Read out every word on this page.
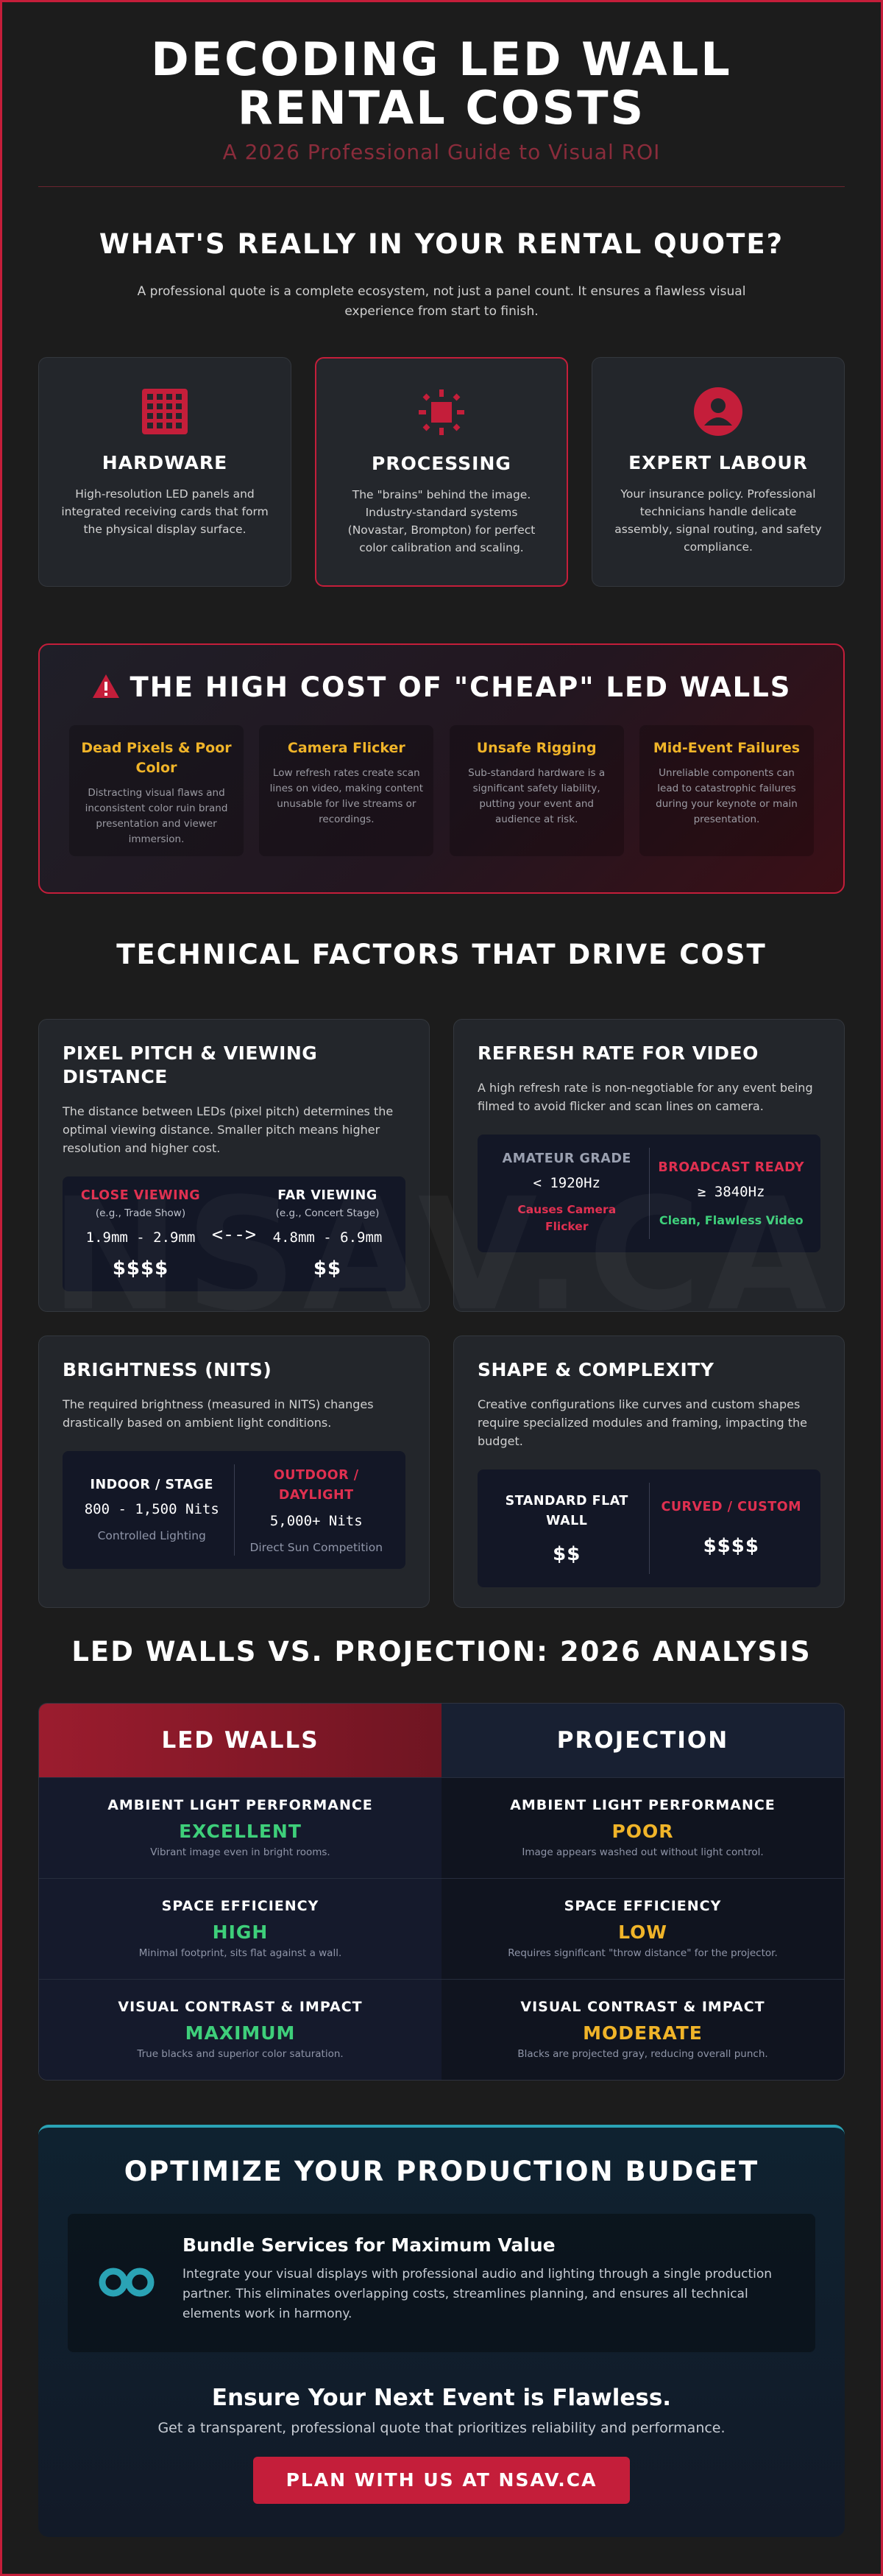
DECODING LED WALL RENTAL COSTS
A 2026 Professional Guide to Visual ROI
WHAT'S REALLY IN YOUR RENTAL QUOTE?

A professional quote is a complete ecosystem, not just a panel count. It ensures a flawless visual experience from start to finish.

HARDWARE
High-resolution LED panels and integrated receiving cards that form the physical display surface.
PROCESSING
The "brains" behind the image. Industry-standard systems (Novastar, Brompton) for perfect color calibration and scaling.
EXPERT LABOUR
Your insurance policy. Professional technicians handle delicate assembly, signal routing, and safety compliance.
THE HIGH COST OF "CHEAP" LED WALLS
Dead Pixels & Poor Color
Distracting visual flaws and inconsistent color ruin brand presentation and viewer immersion.
Camera Flicker
Low refresh rates create scan lines on video, making content unusable for live streams or recordings.
Unsafe Rigging
Sub-standard hardware is a significant safety liability, putting your event and audience at risk.
Mid-Event Failures
Unreliable components can lead to catastrophic failures during your keynote or main presentation.
TECHNICAL FACTORS THAT DRIVE COST
PIXEL PITCH & VIEWING DISTANCE
The distance between LEDs (pixel pitch) determines the optimal viewing distance. Smaller pitch means higher resolution and higher cost.
CLOSE VIEWING
(e.g., Trade Show)
1.9mm - 2.9mm
$$$$
<-->
FAR VIEWING
(e.g., Concert Stage)
4.8mm - 6.9mm
$$
REFRESH RATE FOR VIDEO
A high refresh rate is non-negotiable for any event being filmed to avoid flicker and scan lines on camera.
AMATEUR GRADE
< 1920Hz
Causes Camera Flicker
BROADCAST READY
≥ 3840Hz
Clean, Flawless Video
BRIGHTNESS (NITS)
The required brightness (measured in NITS) changes drastically based on ambient light conditions.
INDOOR / STAGE
800 - 1,500 Nits
Controlled Lighting
OUTDOOR / DAYLIGHT
5,000+ Nits
Direct Sun Competition
SHAPE & COMPLEXITY
Creative configurations like curves and custom shapes require specialized modules and framing, impacting the budget.
STANDARD FLAT WALL
$$
CURVED / CUSTOM
$$$$
LED WALLS VS. PROJECTION: 2026 ANALYSIS
LED WALLS
AMBIENT LIGHT PERFORMANCE
EXCELLENT
Vibrant image even in bright rooms.
SPACE EFFICIENCY
HIGH
Minimal footprint, sits flat against a wall.
VISUAL CONTRAST & IMPACT
MAXIMUM
True blacks and superior color saturation.
PROJECTION
AMBIENT LIGHT PERFORMANCE
POOR
Image appears washed out without light control.
SPACE EFFICIENCY
LOW
Requires significant "throw distance" for the projector.
VISUAL CONTRAST & IMPACT
MODERATE
Blacks are projected gray, reducing overall punch.
OPTIMIZE YOUR PRODUCTION BUDGET
Bundle Services for Maximum Value
Integrate your visual displays with professional audio and lighting through a single production partner. This eliminates overlapping costs, streamlines planning, and ensures all technical elements work in harmony.
Ensure Your Next Event is Flawless.
Get a transparent, professional quote that prioritizes reliability and performance.
PLAN WITH US AT NSAV.CA
